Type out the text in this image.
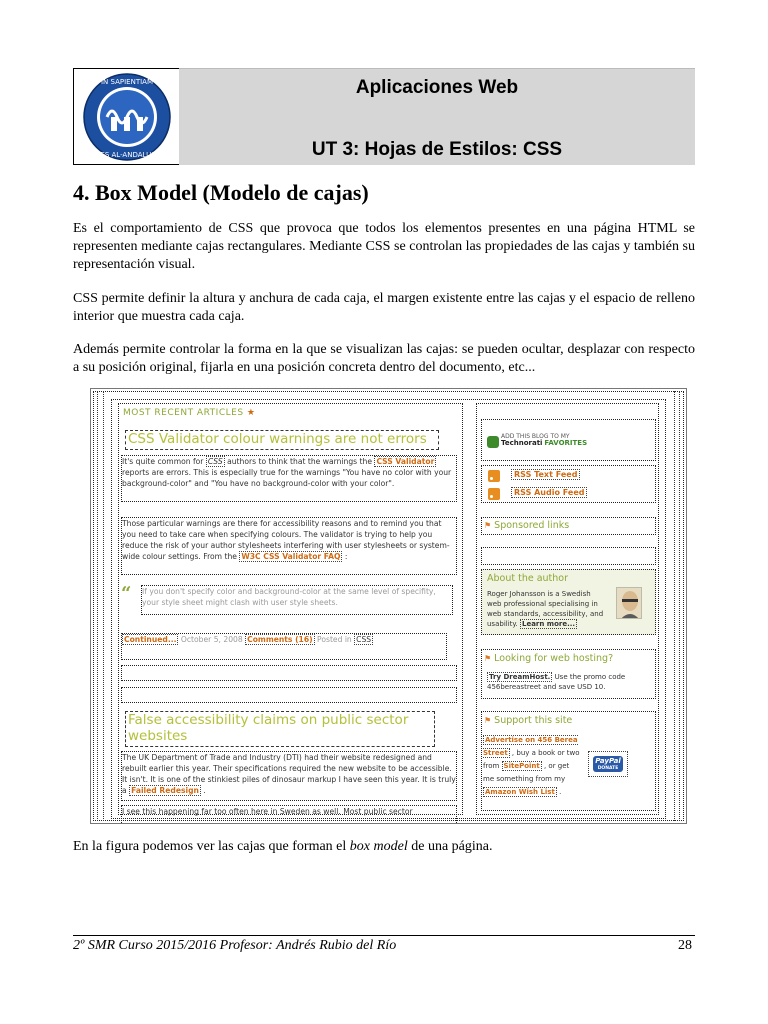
IN SAPIENTIAM
IES AL-ANDALUS
Aplicaciones Web
UT 3: Hojas de Estilos: CSS
4. Box Model (Modelo de cajas)

Es el comportamiento de CSS que provoca que todos los elementos presentes en una página HTML se representen mediante cajas rectangulares. Mediante CSS se controlan las propiedades de las cajas y también su representación visual.

CSS permite definir la altura y anchura de cada caja, el margen existente entre las cajas y el espacio de relleno interior que muestra cada caja.

Además permite controlar la forma en la que se visualizan las cajas: se pueden ocultar, desplazar con respecto a su posición original, fijarla en una posición concreta dentro del documento, etc...

MOST RECENT ARTICLES ★
CSS Validator colour warnings are not errors
It's quite common for CSS authors to think that the warnings the CSS Validator reports are errors. This is especially true for the warnings "You have no color with your background-color" and "You have no background-color with your color".
Those particular warnings are there for accessibility reasons and to remind you that you need to take care when specifying colours. The validator is trying to help you reduce the risk of your author stylesheets interfering with user stylesheets or system-wide colour settings. From the W3C CSS Validator FAQ :
“ If you don't specify color and background-color at the same level of specifity, your style sheet might clash with user style sheets.
Continued... October 5, 2008 Comments (16) Posted in CSS
False accessibility claims on public sector websites
The UK Department of Trade and Industry (DTI) had their website redesigned and rebuilt earlier this year. Their specifications required the new website to be accessible. It isn't. It is one of the stinkiest piles of dinosaur markup I have seen this year. It is truly a Failed Redesign .
I see this happening far too often here in Sweden as well. Most public sector
ADD THIS BLOG TO MY
Technorati FAVORITES
RSS Text Feed
RSS Audio Feed
⚑ Sponsored links
About the author
Roger Johansson is a Swedish web professional specialising in web standards, accessibility, and usability. Learn more...
⚑ Looking for web hosting?
Try DreamHost. Use the promo code 456bereastreet and save USD 10.
⚑ Support this site
Advertise on 456 Berea Street , buy a book or two from SitePoint , or get me something from my Amazon Wish List .
PayPal
DONATE
En la figura podemos ver las cajas que forman el box model de una página.
2º SMR Curso 2015/2016 Profesor: Andrés Rubio del Río	28
